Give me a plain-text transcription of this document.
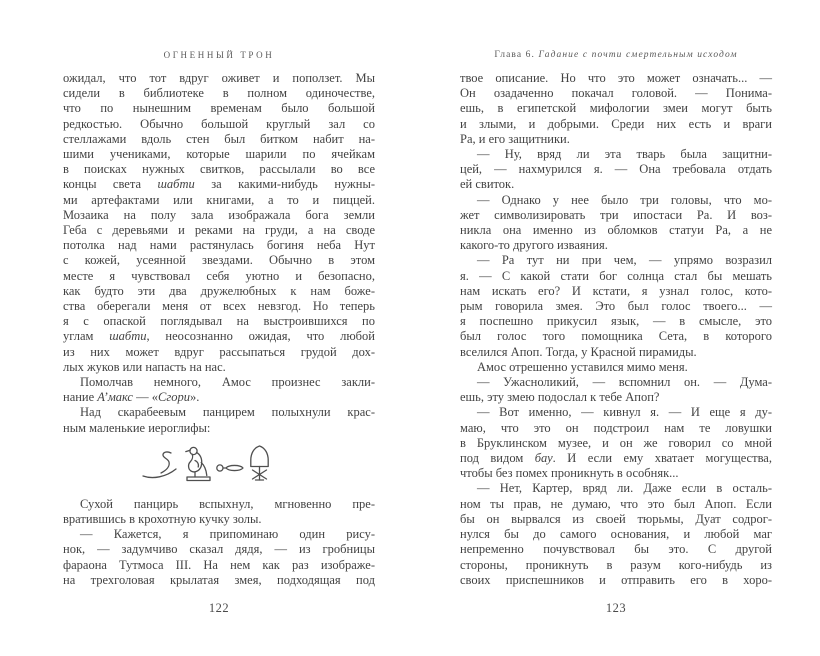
ОГНЕННЫЙ ТРОН
ожидал, что тот вдруг оживет и поползет. Мы
сидели в библиотеке в полном одиночестве,
что по нынешним временам было большой
редкостью. Обычно большой круглый зал со
стеллажами вдоль стен был битком набит на-
шими учениками, которые шарили по ячейкам
в поисках нужных свитков, рассылали во все
концы света шабти за какими-нибудь нужны-
ми артефактами или книгами, а то и пиццей.
Мозаика на полу зала изображала бога земли
Геба с деревьями и реками на груди, а на своде
потолка над нами растянулась богиня неба Нут
с кожей, усеянной звездами. Обычно в этом
месте я чувствовал себя уютно и безопасно,
как будто эти два дружелюбных к нам боже-
ства оберегали меня от всех невзгод. Но теперь
я с опаской поглядывал на выстроившихся по
углам шабти, неосознанно ожидая, что любой
из них может вдруг рассыпаться грудой дох-
лых жуков или напасть на нас.
Помолчав немного, Амос произнес закли-
нание А’макс — «Сгори».
Над скарабеевым панцирем полыхнули крас-
ным маленькие иероглифы:
Сухой панцирь вспыхнул, мгновенно пре-
вратившись в крохотную кучку золы.
— Кажется, я припоминаю один рису-
нок, — задумчиво сказал дядя, — из гробницы
фараона Тутмоса III. На нем как раз изображе-
на трехголовая крылатая змея, подходящая под
122
Глава 6. Гадание с почти смертельным исходом
твое описание. Но что это может означать... —
Он озадаченно покачал головой. — Понима-
ешь, в египетской мифологии змеи могут быть
и злыми, и добрыми. Среди них есть и враги
Ра, и его защитники.
— Ну, вряд ли эта тварь была защитни-
цей, — нахмурился я. — Она требовала отдать
ей свиток.
— Однако у нее было три головы, что мо-
жет символизировать три ипостаси Ра. И воз-
никла она именно из обломков статуи Ра, а не
какого-то другого изваяния.
— Ра тут ни при чем, — упрямо возразил
я. — С какой стати бог солнца стал бы мешать
нам искать его? И кстати, я узнал голос, кото-
рым говорила змея. Это был голос твоего... —
я поспешно прикусил язык, — в смысле, это
был голос того помощника Сета, в которого
вселился Апоп. Тогда, у Красной пирамиды.
Амос отрешенно уставился мимо меня.
— Ужасноликий, — вспомнил он. — Дума-
ешь, эту змею подослал к тебе Апоп?
— Вот именно, — кивнул я. — И еще я ду-
маю, что это он подстроил нам те ловушки
в Бруклинском музее, и он же говорил со мной
под видом бау. И если ему хватает могущества,
чтобы без помех проникнуть в особняк...
— Нет, Картер, вряд ли. Даже если в осталь-
ном ты прав, не думаю, что это был Апоп. Если
бы он вырвался из своей тюрьмы, Дуат содрог-
нулся бы до самого основания, и любой маг
непременно почувствовал бы это. С другой
стороны, проникнуть в разум кого-нибудь из
своих приспешников и отправить его в хоро-
123
